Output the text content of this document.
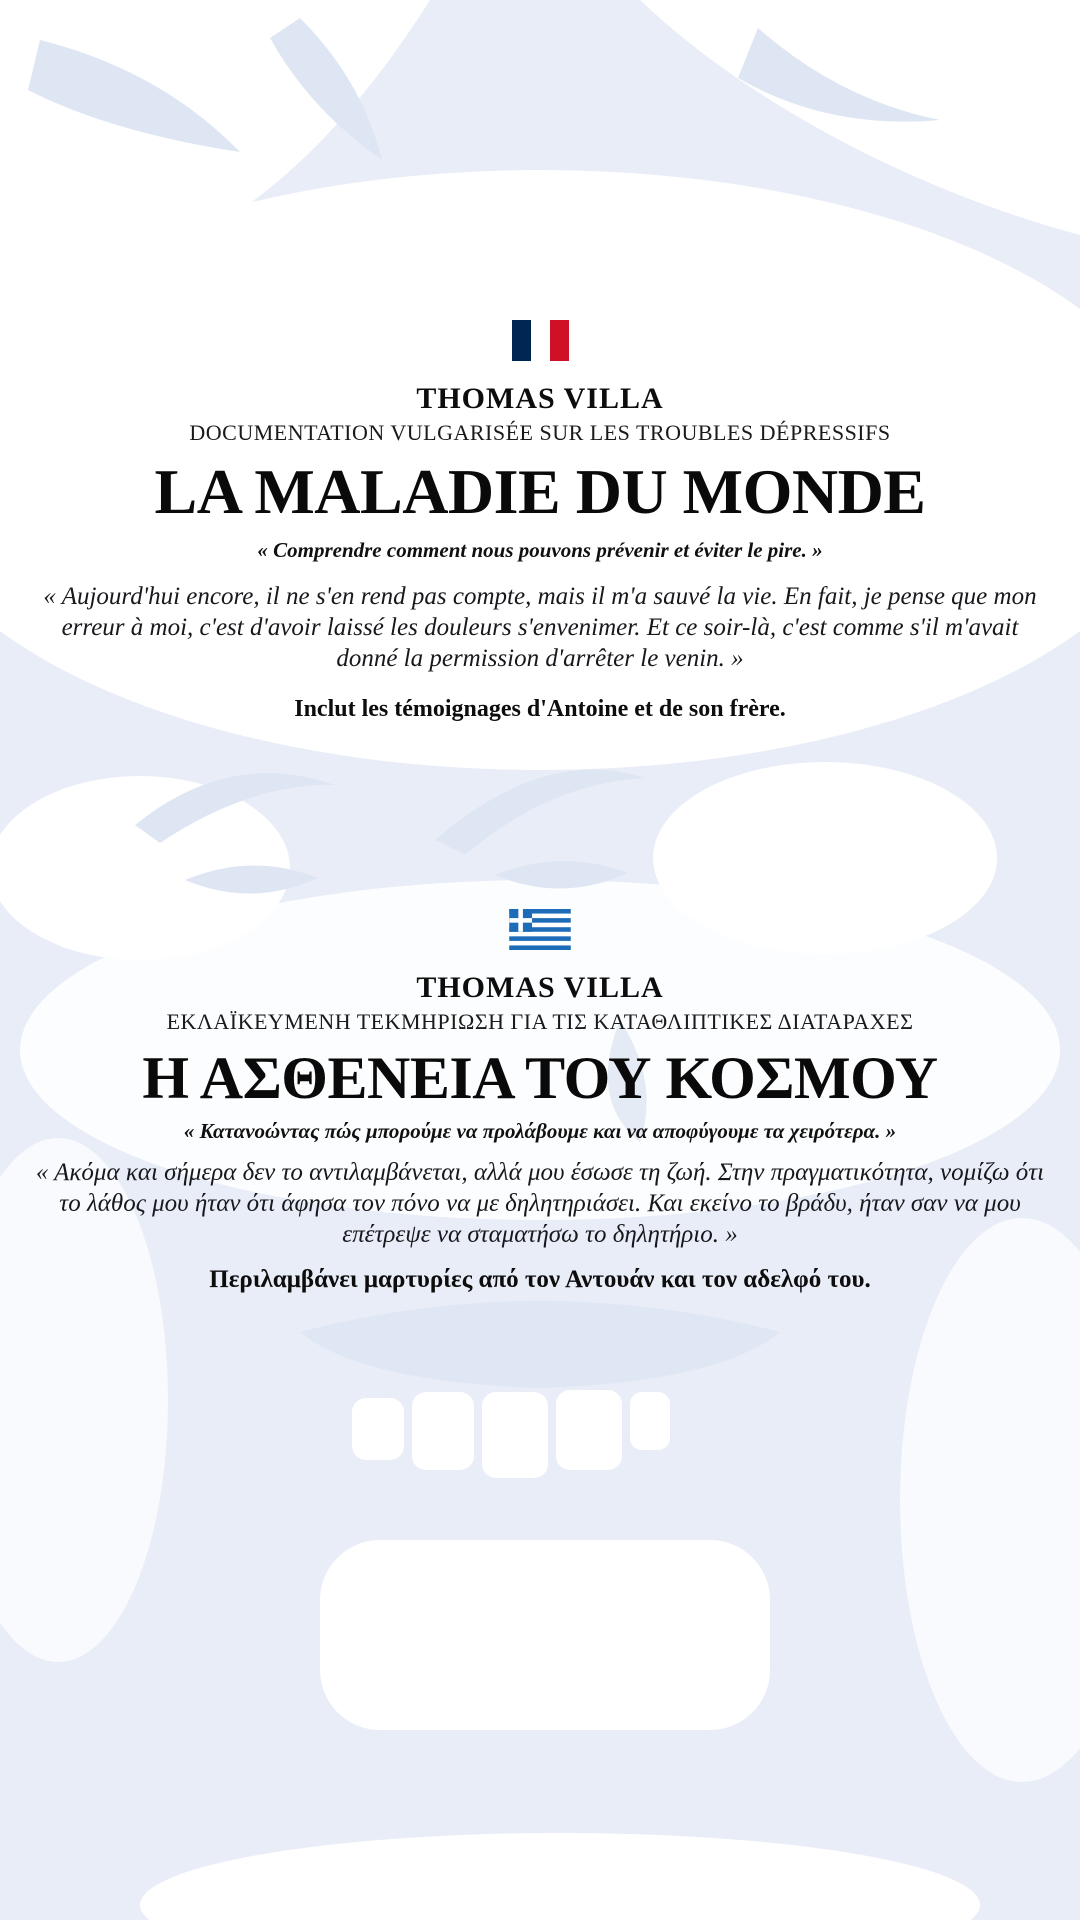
THOMAS VILLA
DOCUMENTATION VULGARISÉE SUR LES TROUBLES DÉPRESSIFS
LA MALADIE DU MONDE
« Comprendre comment nous pouvons prévenir et éviter le pire. »

« Aujourd'hui encore, il ne s'en rend pas compte, mais il m'a sauvé la vie. En fait, je pense que mon erreur à moi, c'est d'avoir laissé les douleurs s'envenimer. Et ce soir-là, c'est comme s'il m'avait donné la permission d'arrêter le venin. »

Inclut les témoignages d'Antoine et de son frère.
THOMAS VILLA
ΕΚΛΑΪΚΕΥΜΕΝΗ ΤΕΚΜΗΡΙΩΣΗ ΓΙΑ ΤΙΣ ΚΑΤΑΘΛΙΠΤΙΚΕΣ ΔΙΑΤΑΡΑΧΕΣ
Η ΑΣΘΕΝΕΙΑ ΤΟΥ ΚΟΣΜΟΥ
« Κατανοώντας πώς μπορούμε να προλάβουμε και να αποφύγουμε τα χειρότερα. »

« Ακόμα και σήμερα δεν το αντιλαμβάνεται, αλλά μου έσωσε τη ζωή. Στην πραγματικότητα, νομίζω ότι το λάθος μου ήταν ότι άφησα τον πόνο να με δηλητηριάσει. Και εκείνο το βράδυ, ήταν σαν να μου επέτρεψε να σταματήσω το δηλητήριο. »

Περιλαμβάνει μαρτυρίες από τον Αντουάν και τον αδελφό του.
